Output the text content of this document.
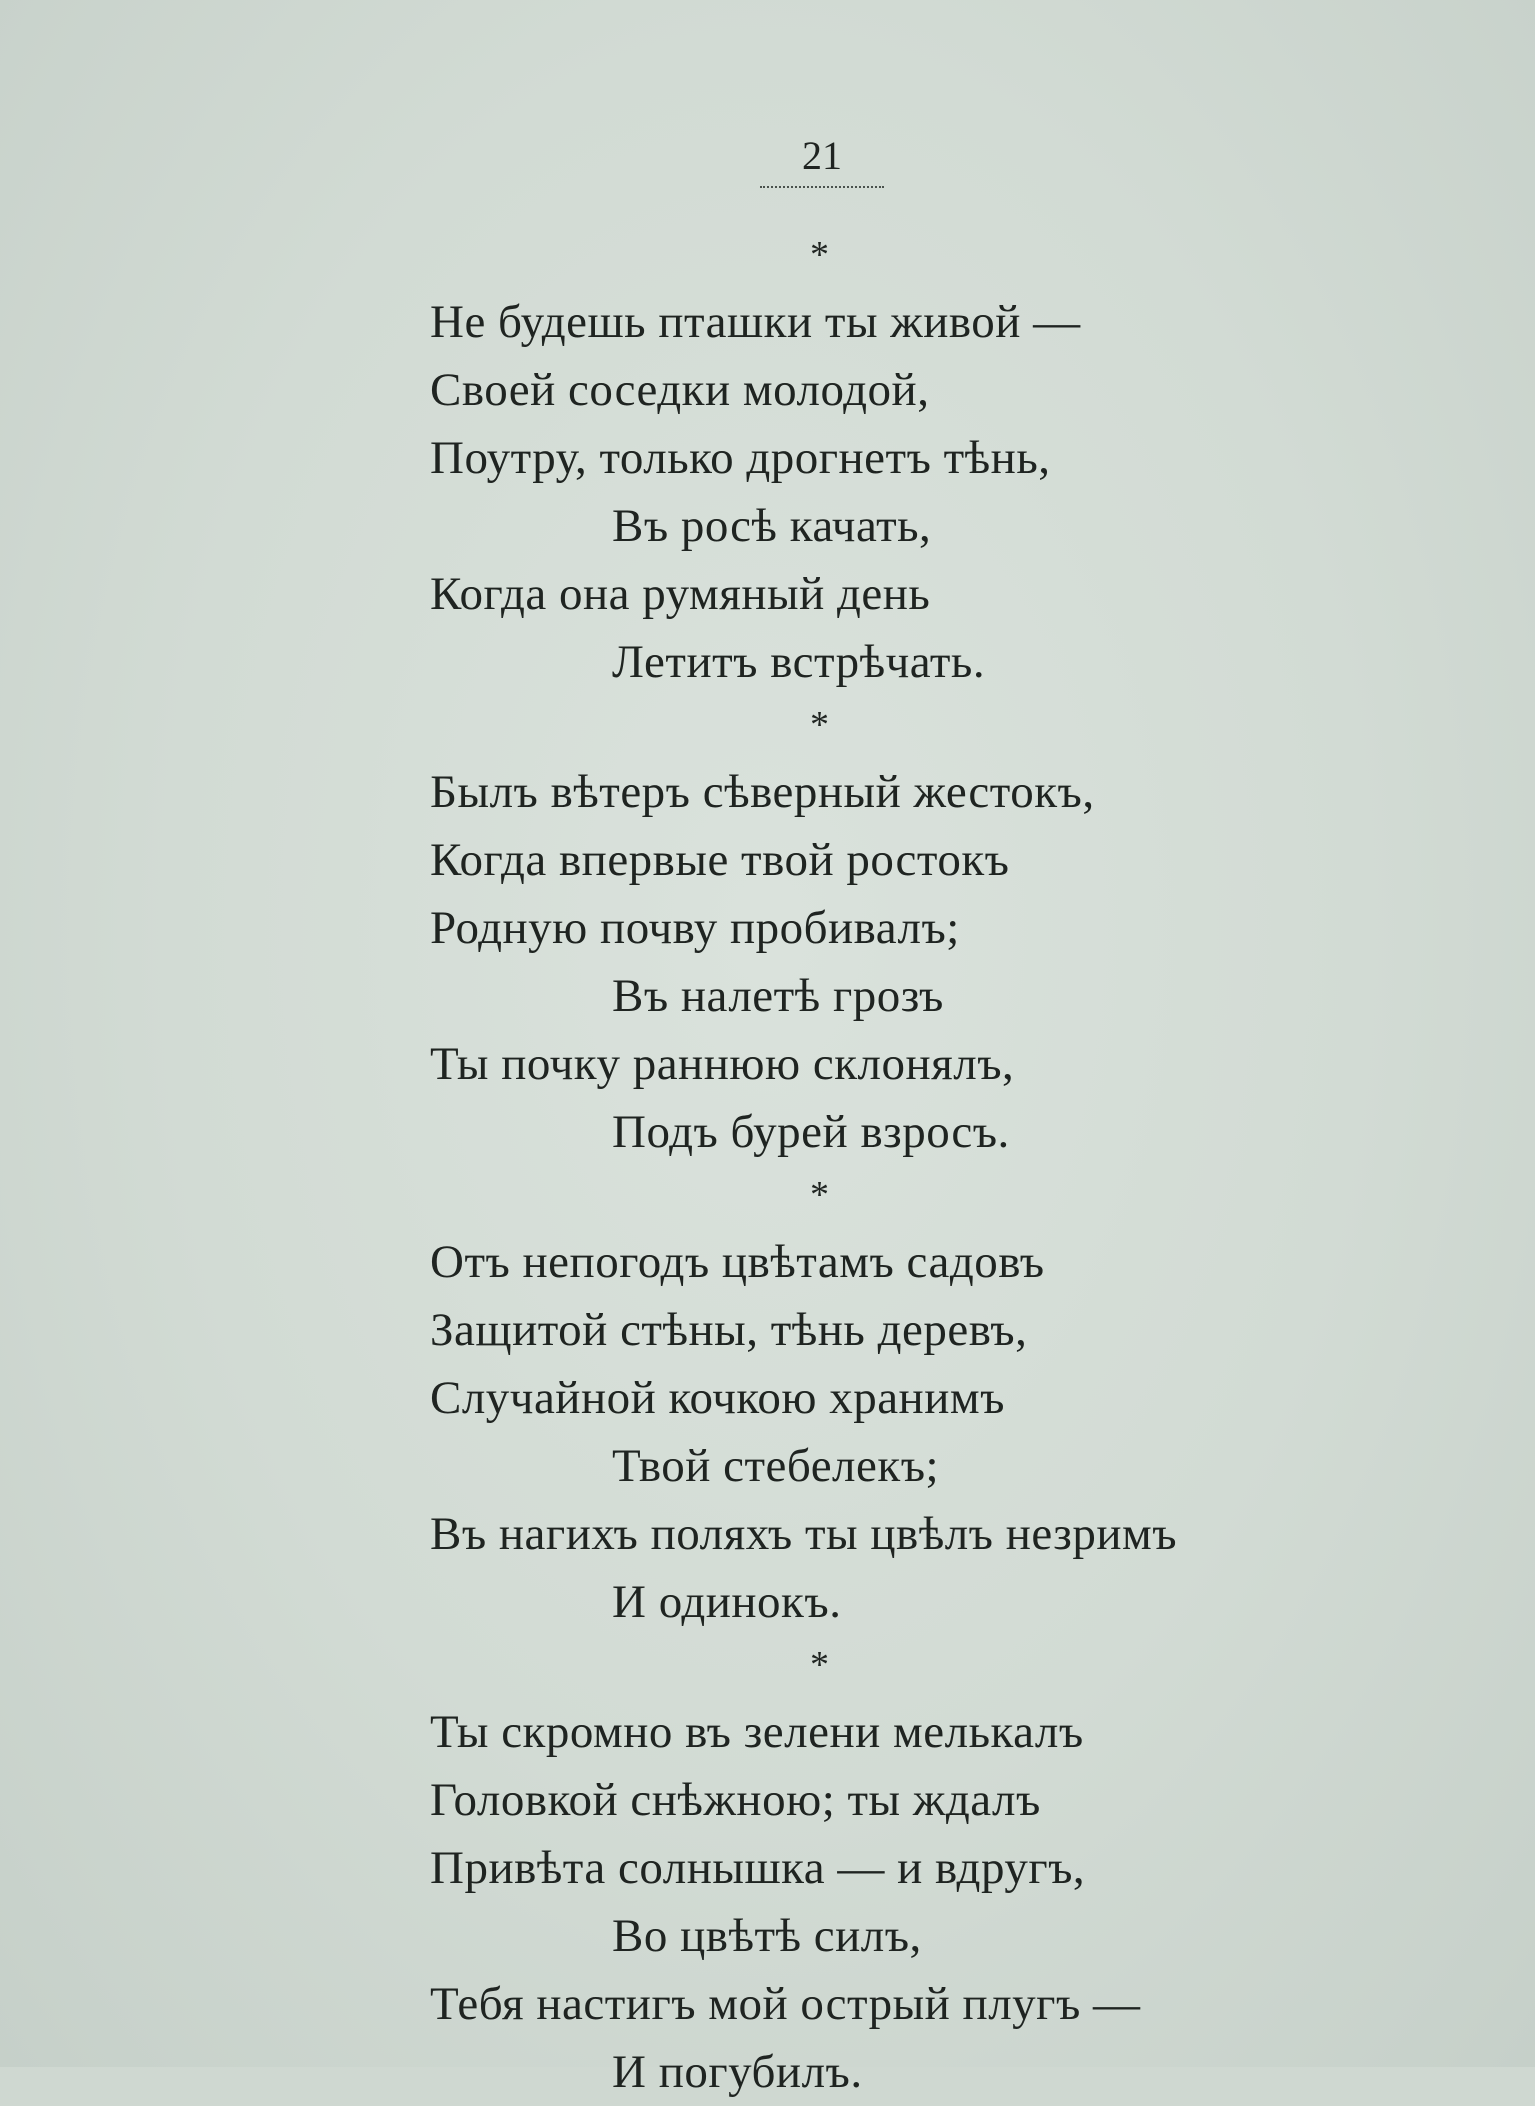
21
*
Не будешь пташки ты живой —
Своей соседки молодой,
Поутру, только дрогнетъ тѣнь,
Въ росѣ качать,
Когда она румяный день
Летитъ встрѣчать.
*
Былъ вѣтеръ сѣверный жестокъ,
Когда впервые твой ростокъ
Родную почву пробивалъ;
Въ налетѣ грозъ
Ты почку раннюю склонялъ,
Подъ бурей взросъ.
*
Отъ непогодъ цвѣтамъ садовъ
Защитой стѣны, тѣнь деревъ,
Случайной кочкою хранимъ
Твой стебелекъ;
Въ нагихъ поляхъ ты цвѣлъ незримъ
И одинокъ.
*
Ты скромно въ зелени мелькалъ
Головкой снѣжною; ты ждалъ
Привѣта солнышка — и вдругъ,
Во цвѣтѣ силъ,
Тебя настигъ мой острый плугъ —
И погубилъ.
